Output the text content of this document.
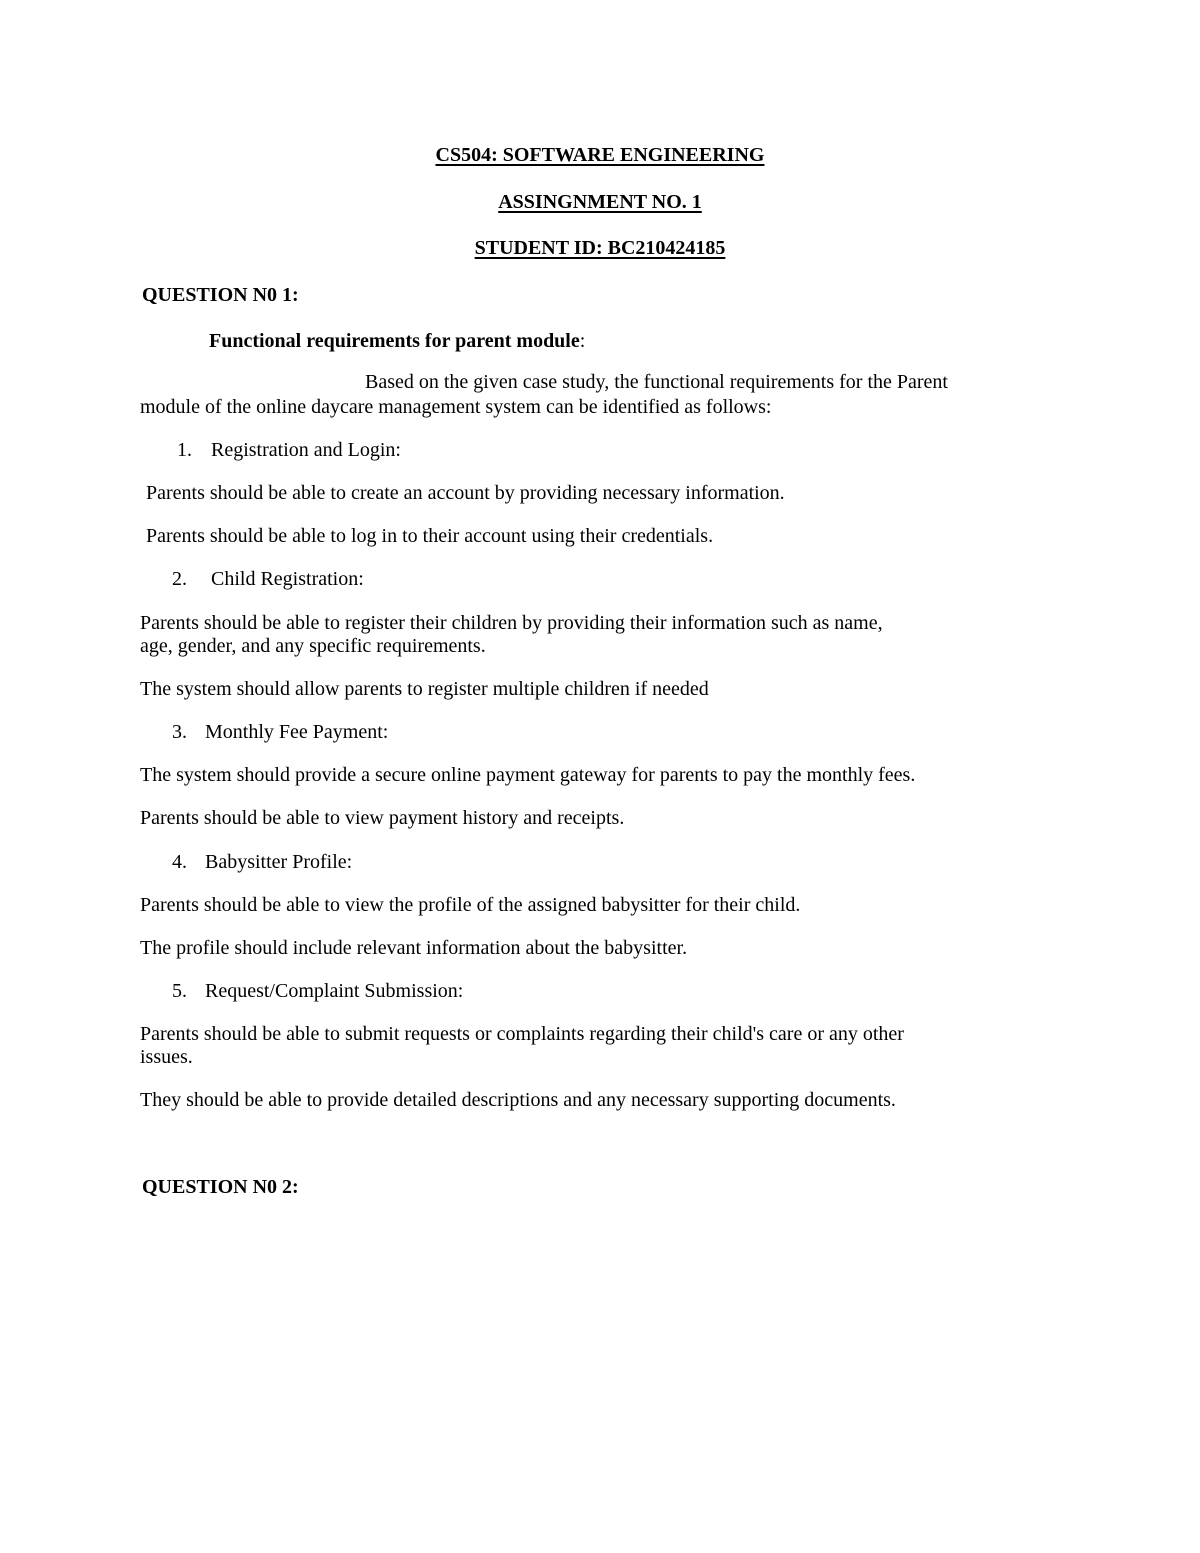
CS504: SOFTWARE ENGINEERING
ASSINGNMENT NO. 1
STUDENT ID: BC210424185
QUESTION N0 1:
Functional requirements for parent module:
Based on the given case study, the functional requirements for the Parent
module of the online daycare management system can be identified as follows:
1. Registration and Login:
Parents should be able to create an account by providing necessary information.
Parents should be able to log in to their account using their credentials.
2. Child Registration:
Parents should be able to register their children by providing their information such as name,
age, gender, and any specific requirements.
The system should allow parents to register multiple children if needed
3. Monthly Fee Payment:
The system should provide a secure online payment gateway for parents to pay the monthly fees.
Parents should be able to view payment history and receipts.
4. Babysitter Profile:
Parents should be able to view the profile of the assigned babysitter for their child.
The profile should include relevant information about the babysitter.
5. Request/Complaint Submission:
Parents should be able to submit requests or complaints regarding their child's care or any other
issues.
They should be able to provide detailed descriptions and any necessary supporting documents.
QUESTION N0 2:
